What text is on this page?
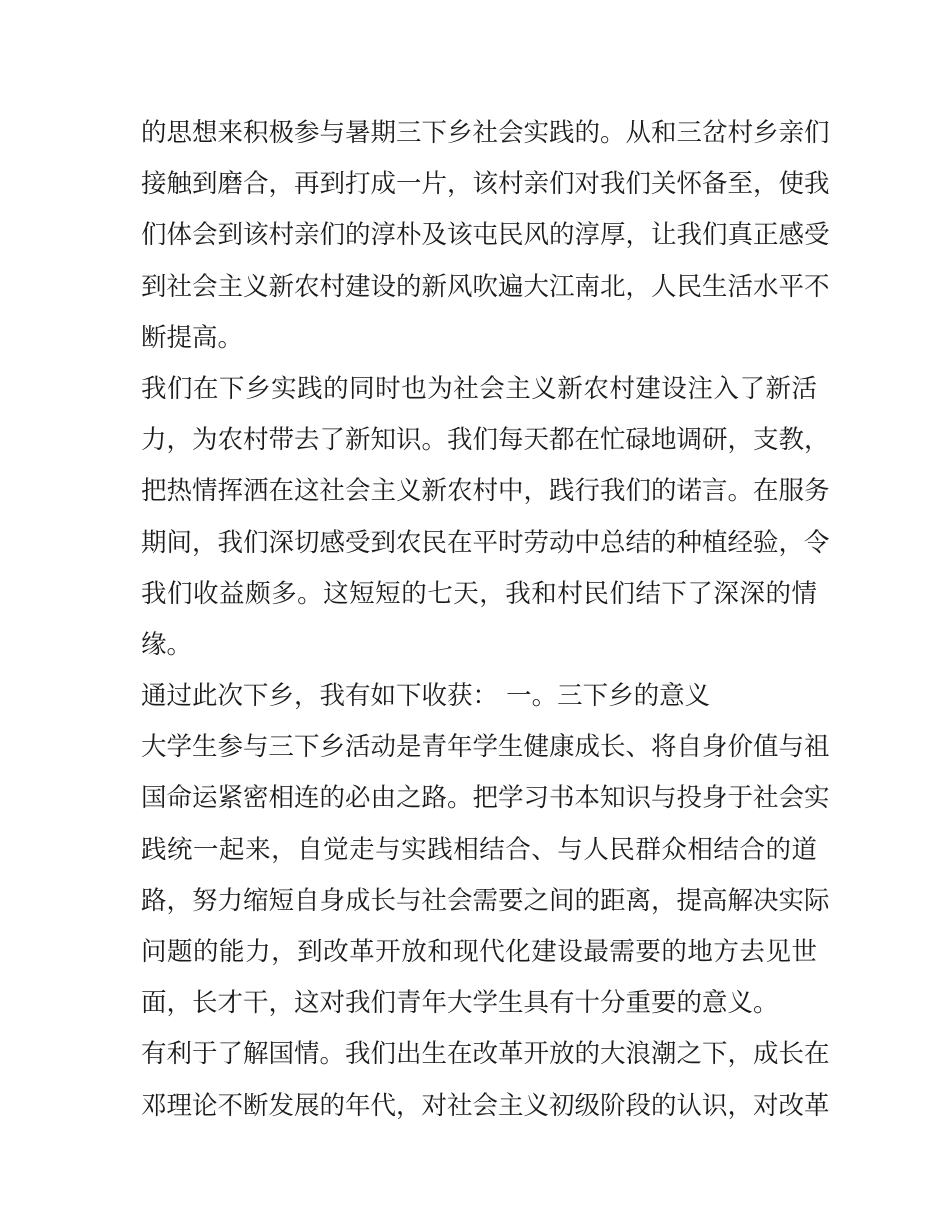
的思想来积极参与暑期三下乡社会实践的。从和三岔村乡亲们
接触到磨合，再到打成一片，该村亲们对我们关怀备至，使我
们体会到该村亲们的淳朴及该屯民风的淳厚，让我们真正感受
到社会主义新农村建设的新风吹遍大江南北，人民生活水平不
断提高。
我们在下乡实践的同时也为社会主义新农村建设注入了新活
力，为农村带去了新知识。我们每天都在忙碌地调研，支教，
把热情挥洒在这社会主义新农村中，践行我们的诺言。在服务
期间，我们深切感受到农民在平时劳动中总结的种植经验，令
我们收益颇多。这短短的七天，我和村民们结下了深深的情
缘。
通过此次下乡，我有如下收获： 一。三下乡的意义
大学生参与三下乡活动是青年学生健康成长、将自身价值与祖
国命运紧密相连的必由之路。把学习书本知识与投身于社会实
践统一起来，自觉走与实践相结合、与人民群众相结合的道
路，努力缩短自身成长与社会需要之间的距离，提高解决实际
问题的能力，到改革开放和现代化建设最需要的地方去见世
面，长才干，这对我们青年大学生具有十分重要的意义。
有利于了解国情。我们出生在改革开放的大浪潮之下，成长在
邓理论不断发展的年代，对社会主义初级阶段的认识，对改革
